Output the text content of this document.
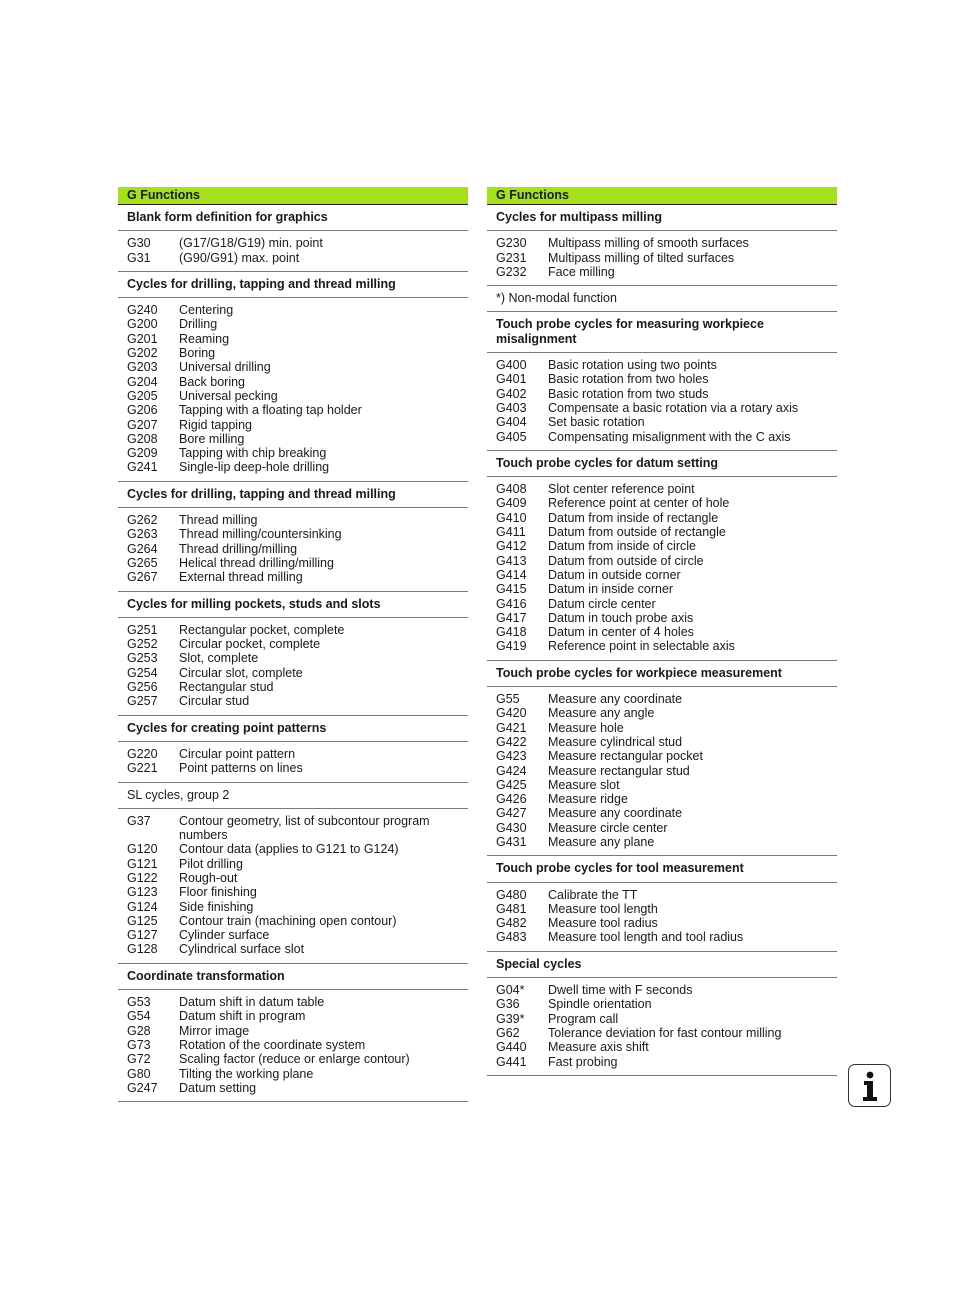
G Functions
Blank form definition for graphics
G30	(G17/G18/G19) min. point
G31	(G90/G91) max. point
Cycles for drilling, tapping and thread milling
G240	Centering
G200	Drilling
G201	Reaming
G202	Boring
G203	Universal drilling
G204	Back boring
G205	Universal pecking
G206	Tapping with a floating tap holder
G207	Rigid tapping
G208	Bore milling
G209	Tapping with chip breaking
G241	Single-lip deep-hole drilling
Cycles for drilling, tapping and thread milling
G262	Thread milling
G263	Thread milling/countersinking
G264	Thread drilling/milling
G265	Helical thread drilling/milling
G267	External thread milling
Cycles for milling pockets, studs and slots
G251	Rectangular pocket, complete
G252	Circular pocket, complete
G253	Slot, complete
G254	Circular slot, complete
G256	Rectangular stud
G257	Circular stud
Cycles for creating point patterns
G220	Circular point pattern
G221	Point patterns on lines
SL cycles, group 2
G37	Contour geometry, list of subcontour program numbers
G120	Contour data (applies to G121 to G124)
G121	Pilot drilling
G122	Rough-out
G123	Floor finishing
G124	Side finishing
G125	Contour train (machining open contour)
G127	Cylinder surface
G128	Cylindrical surface slot
Coordinate transformation
G53	Datum shift in datum table
G54	Datum shift in program
G28	Mirror image
G73	Rotation of the coordinate system
G72	Scaling factor (reduce or enlarge contour)
G80	Tilting the working plane
G247	Datum setting
G Functions
Cycles for multipass milling
G230	Multipass milling of smooth surfaces
G231	Multipass milling of tilted surfaces
G232	Face milling
*) Non-modal function
Touch probe cycles for measuring workpiece misalignment
G400	Basic rotation using two points
G401	Basic rotation from two holes
G402	Basic rotation from two studs
G403	Compensate a basic rotation via a rotary axis
G404	Set basic rotation
G405	Compensating misalignment with the C axis
Touch probe cycles for datum setting
G408	Slot center reference point
G409	Reference point at center of hole
G410	Datum from inside of rectangle
G411	Datum from outside of rectangle
G412	Datum from inside of circle
G413	Datum from outside of circle
G414	Datum in outside corner
G415	Datum in inside corner
G416	Datum circle center
G417	Datum in touch probe axis
G418	Datum in center of 4 holes
G419	Reference point in selectable axis
Touch probe cycles for workpiece measurement
G55	Measure any coordinate
G420	Measure any angle
G421	Measure hole
G422	Measure cylindrical stud
G423	Measure rectangular pocket
G424	Measure rectangular stud
G425	Measure slot
G426	Measure ridge
G427	Measure any coordinate
G430	Measure circle center
G431	Measure any plane
Touch probe cycles for tool measurement
G480	Calibrate the TT
G481	Measure tool length
G482	Measure tool radius
G483	Measure tool length and tool radius
Special cycles
G04*	Dwell time with F seconds
G36	Spindle orientation
G39*	Program call
G62	Tolerance deviation for fast contour milling
G440	Measure axis shift
G441	Fast probing
